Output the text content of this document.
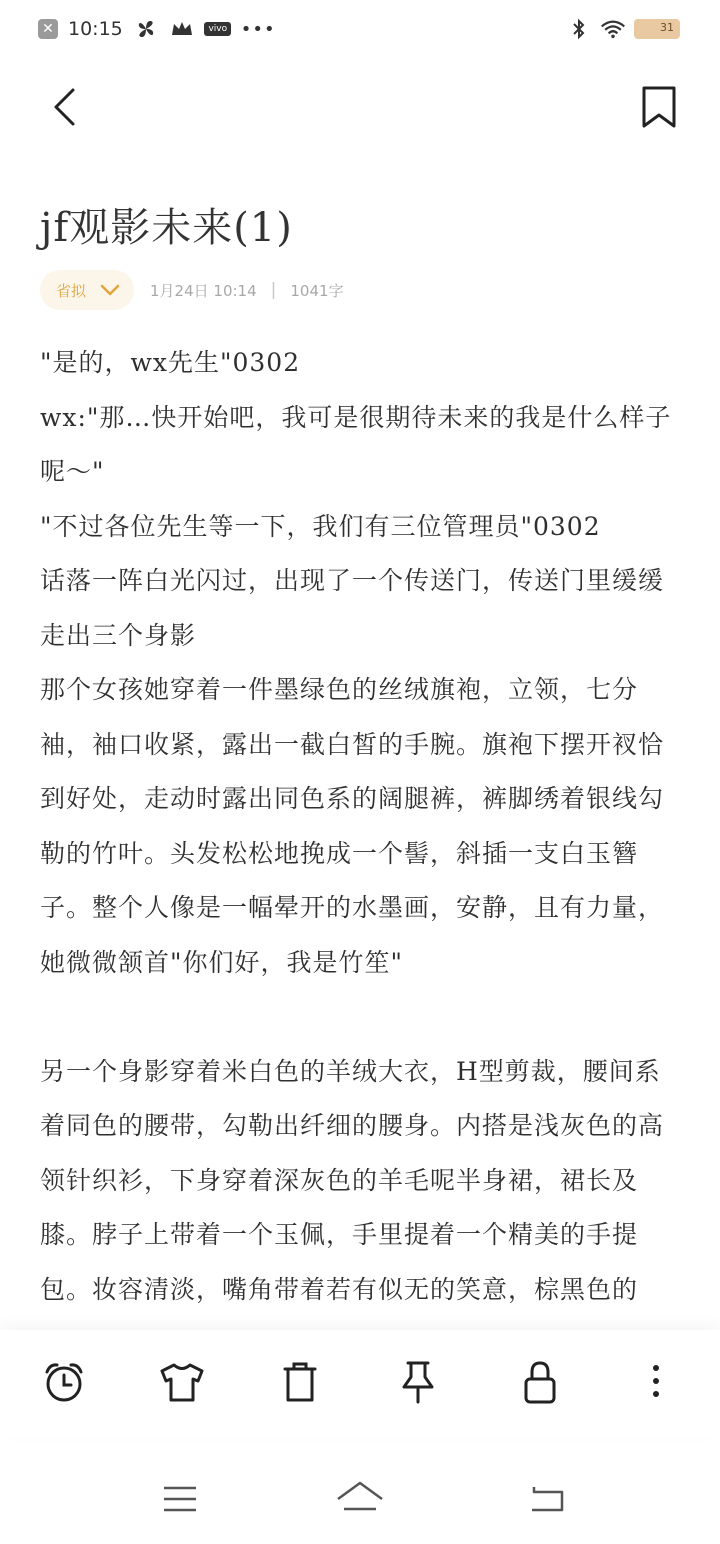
✕ 10:15	vivo •••	31
jf观影未来(1)
省拟	1月24日 10:14 | 1041字

"是的，wx先生"0302

wx:"那…快开始吧，我可是很期待未来的我是什么样子呢～"

"不过各位先生等一下，我们有三位管理员"0302

话落一阵白光闪过，出现了一个传送门，传送门里缓缓走出三个身影

那个女孩她穿着一件墨绿色的丝绒旗袍，立领，七分袖，袖口收紧，露出一截白皙的手腕。旗袍下摆开衩恰到好处，走动时露出同色系的阔腿裤，裤脚绣着银线勾勒的竹叶。头发松松地挽成一个髻，斜插一支白玉簪子。整个人像是一幅晕开的水墨画，安静，且有力量，她微微颔首"你们好，我是竹笙"

另一个身影穿着米白色的羊绒大衣，H型剪裁，腰间系着同色的腰带，勾勒出纤细的腰身。内搭是浅灰色的高领针织衫，下身穿着深灰色的羊毛呢半身裙，裙长及膝。脖子上带着一个玉佩，手里提着一个精美的手提包。妆容清淡，嘴角带着若有似无的笑意，棕黑色的
